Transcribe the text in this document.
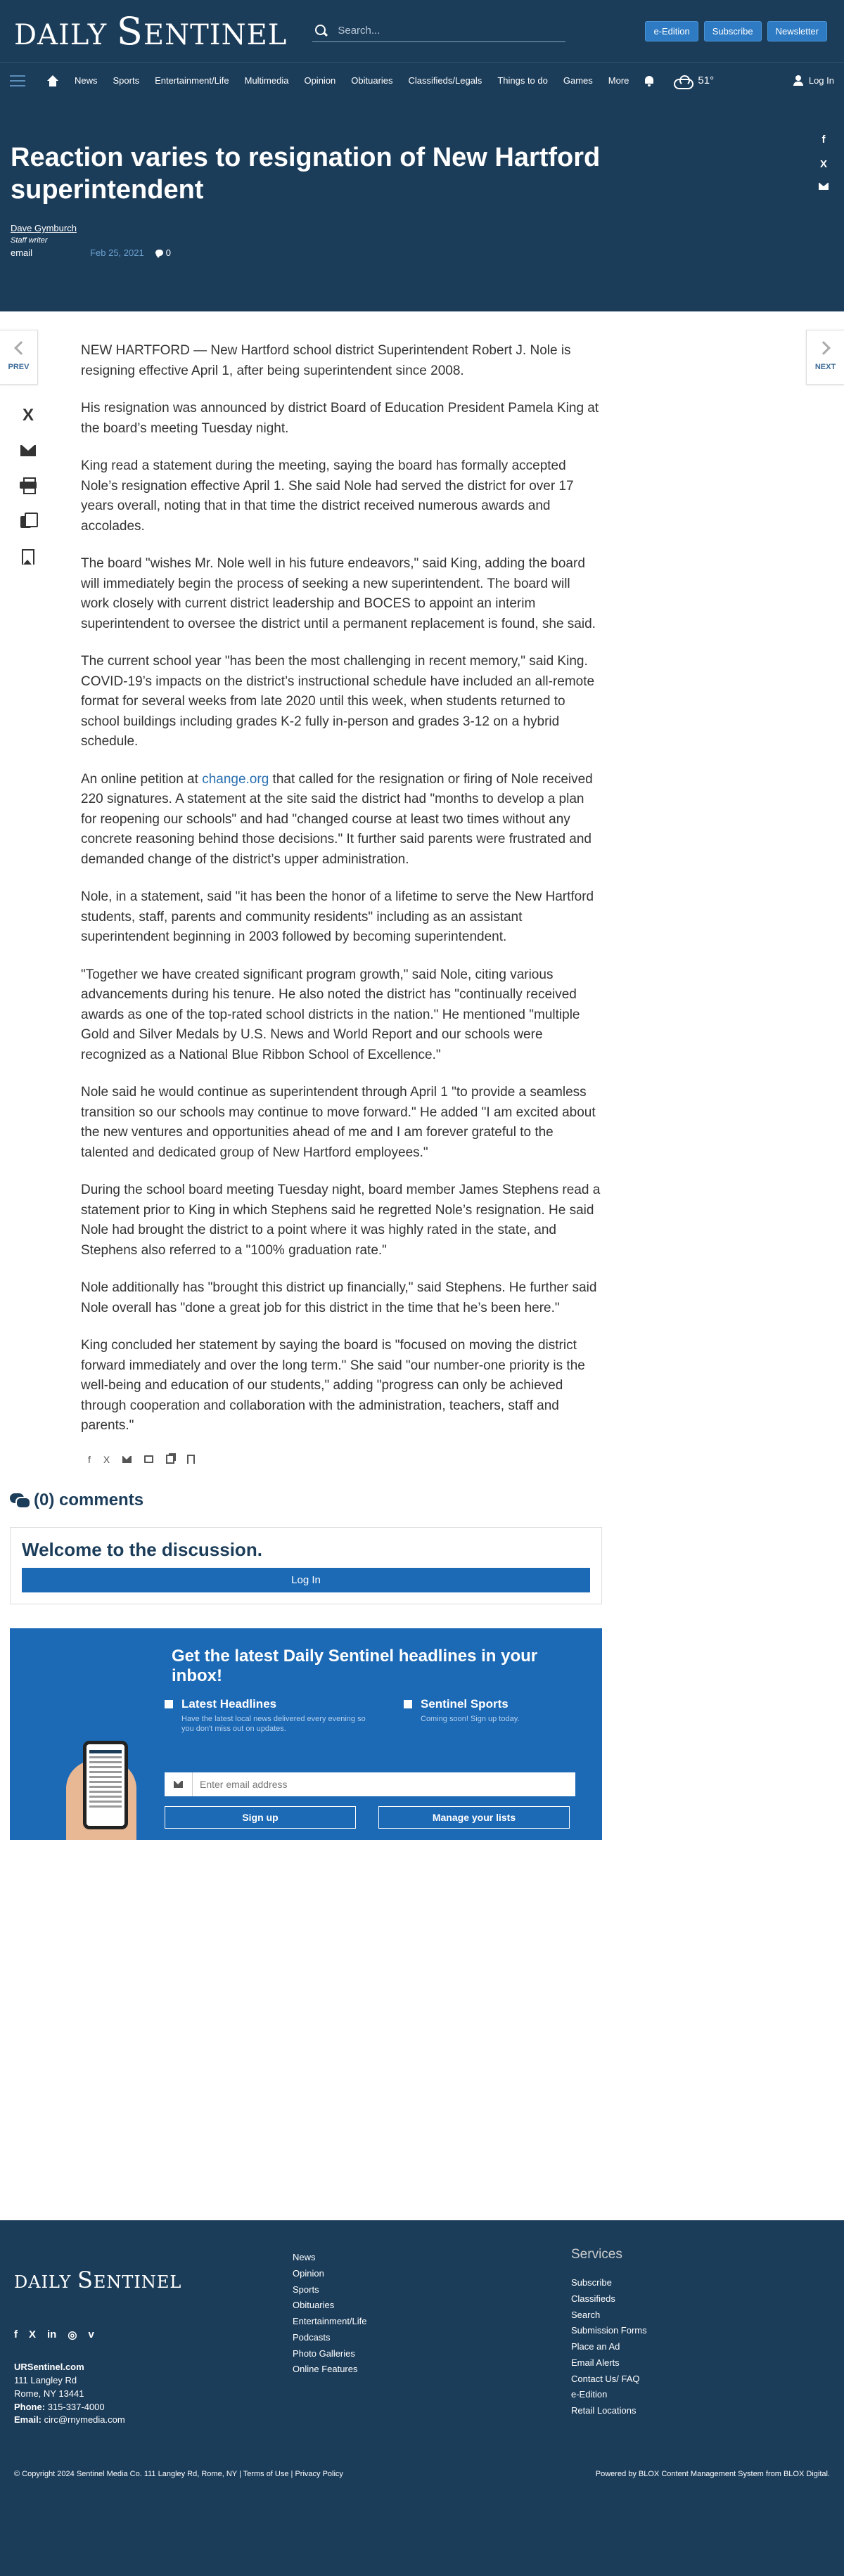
DAILY SENTINEL
Search...	e-Edition	Subscribe	Newsletter
News Sports Entertainment/Life Multimedia Opinion Obituaries Classifieds/Legals Things to do Games More	51°	Log In
Reaction varies to resignation of New Hartford superintendent
Dave Gymburch
Staff writer
email	Feb 25, 2021 0
f
X
PREV	NEXT
X

NEW HARTFORD — New Hartford school district Superintendent Robert J. Nole is resigning effective April 1, after being superintendent since 2008.

His resignation was announced by district Board of Education President Pamela King at the board’s meeting Tuesday night.

King read a statement during the meeting, saying the board has formally accepted Nole’s resignation effective April 1. She said Nole had served the district for over 17 years overall, noting that in that time the district received numerous awards and accolades.

The board "wishes Mr. Nole well in his future endeavors," said King, adding the board will immediately begin the process of seeking a new superintendent. The board will work closely with current district leadership and BOCES to appoint an interim superintendent to oversee the district until a permanent replacement is found, she said.

The current school year "has been the most challenging in recent memory," said King. COVID-19’s impacts on the district’s instructional schedule have included an all-remote format for several weeks from late 2020 until this week, when students returned to school buildings including grades K-2 fully in-person and grades 3-12 on a hybrid schedule.

An online petition at change.org that called for the resignation or firing of Nole received 220 signatures. A statement at the site said the district had "months to develop a plan for reopening our schools" and had "changed course at least two times without any concrete reasoning behind those decisions." It further said parents were frustrated and demanded change of the district’s upper administration.

Nole, in a statement, said "it has been the honor of a lifetime to serve the New Hartford students, staff, parents and community residents" including as an assistant superintendent beginning in 2003 followed by becoming superintendent.

"Together we have created significant program growth," said Nole, citing various advancements during his tenure. He also noted the district has "continually received awards as one of the top-rated school districts in the nation." He mentioned "multiple Gold and Silver Medals by U.S. News and World Report and our schools were recognized as a National Blue Ribbon School of Excellence."

Nole said he would continue as superintendent through April 1 "to provide a seamless transition so our schools may continue to move forward." He added "I am excited about the new ventures and opportunities ahead of me and I am forever grateful to the talented and dedicated group of New Hartford employees."

During the school board meeting Tuesday night, board member James Stephens read a statement prior to King in which Stephens said he regretted Nole’s resignation. He said Nole had brought the district to a point where it was highly rated in the state, and Stephens also referred to a "100% graduation rate."

Nole additionally has "brought this district up financially," said Stephens. He further said Nole overall has "done a great job for this district in the time that he’s been here."

King concluded her statement by saying the board is "focused on moving the district forward immediately and over the long term." She said "our number-one priority is the well-being and education of our students," adding "progress can only be achieved through cooperation and collaboration with the administration, teachers, staff and parents."

f X
(0) comments
Welcome to the discussion.
Log In
Get the latest Daily Sentinel headlines in your inbox!
Latest Headlines

Have the latest local news delivered every evening so you don't miss out on updates.

Sentinel Sports

Coming soon! Sign up today.

Enter email address
Sign up	Manage your lists
DAILY SENTINEL
f X in ◎ v
URSentinel.com
111 Langley Rd
Rome, NY 13441
Phone: 315-337-4000
Email: circ@rnymedia.com
News
Opinion
Sports
Obituaries
Entertainment/Life
Podcasts
Photo Galleries
Online Features
Services
Subscribe
Classifieds
Search
Submission Forms
Place an Ad
Email Alerts
Contact Us/ FAQ
e-Edition
Retail Locations
© Copyright 2024 Sentinel Media Co. 111 Langley Rd, Rome, NY | Terms of Use | Privacy Policy	Powered by BLOX Content Management System from BLOX Digital.
